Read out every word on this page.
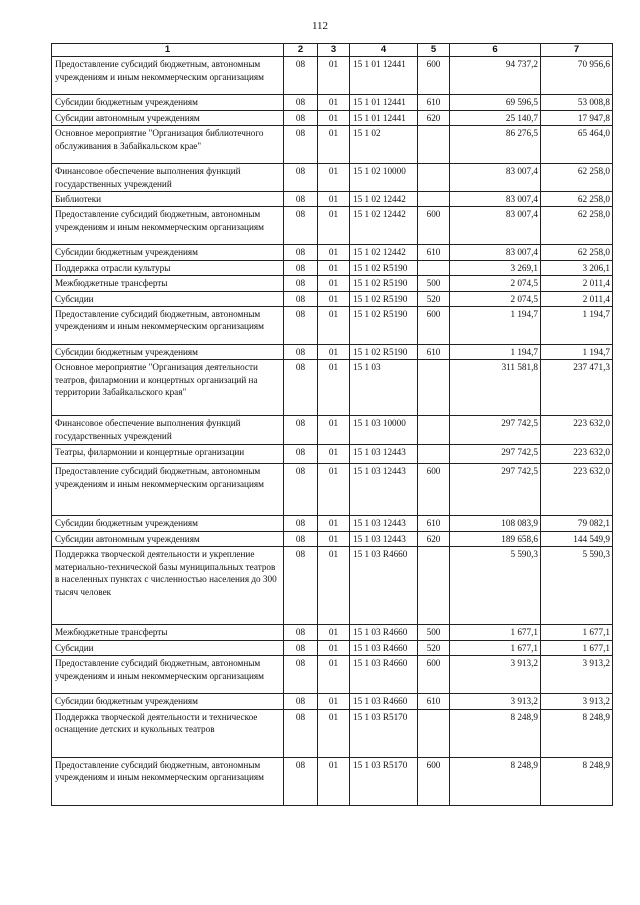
112
1	2	3	4	5	6	7
Предоставление субсидий бюджетным, автономным учреждениям и иным некоммерческим организациям	08	01	15 1 01 12441	600	94 737,2	70 956,6
Субсидии бюджетным учреждениям	08	01	15 1 01 12441	610	69 596,5	53 008,8
Субсидии автономным учреждениям	08	01	15 1 01 12441	620	25 140,7	17 947,8
Основное мероприятие "Организация библиотечного обслуживания в Забайкальском крае"	08	01	15 1 02		86 276,5	65 464,0
Финансовое обеспечение выполнения функций государственных учреждений	08	01	15 1 02 10000		83 007,4	62 258,0
Библиотеки	08	01	15 1 02 12442		83 007,4	62 258,0
Предоставление субсидий бюджетным, автономным учреждениям и иным некоммерческим организациям	08	01	15 1 02 12442	600	83 007,4	62 258,0
Субсидии бюджетным учреждениям	08	01	15 1 02 12442	610	83 007,4	62 258,0
Поддержка отрасли культуры	08	01	15 1 02 R5190		3 269,1	3 206,1
Межбюджетные трансферты	08	01	15 1 02 R5190	500	2 074,5	2 011,4
Субсидии	08	01	15 1 02 R5190	520	2 074,5	2 011,4
Предоставление субсидий бюджетным, автономным учреждениям и иным некоммерческим организациям	08	01	15 1 02 R5190	600	1 194,7	1 194,7
Субсидии бюджетным учреждениям	08	01	15 1 02 R5190	610	1 194,7	1 194,7
Основное мероприятие "Организация деятельности театров, филармонии и концертных организаций на территории Забайкальского края"	08	01	15 1 03		311 581,8	237 471,3
Финансовое обеспечение выполнения функций государственных учреждений	08	01	15 1 03 10000		297 742,5	223 632,0
Театры, филармонии и концертные организации	08	01	15 1 03 12443		297 742,5	223 632,0
Предоставление субсидий бюджетным, автономным учреждениям и иным некоммерческим организациям	08	01	15 1 03 12443	600	297 742,5	223 632,0
Субсидии бюджетным учреждениям	08	01	15 1 03 12443	610	108 083,9	79 082,1
Субсидии автономным учреждениям	08	01	15 1 03 12443	620	189 658,6	144 549,9
Поддержка творческой деятельности и укрепление материально-технической базы муниципальных театров в населенных пунктах с численностью населения до 300 тысяч человек	08	01	15 1 03 R4660		5 590,3	5 590,3
Межбюджетные трансферты	08	01	15 1 03 R4660	500	1 677,1	1 677,1
Субсидии	08	01	15 1 03 R4660	520	1 677,1	1 677,1
Предоставление субсидий бюджетным, автономным учреждениям и иным некоммерческим организациям	08	01	15 1 03 R4660	600	3 913,2	3 913,2
Субсидии бюджетным учреждениям	08	01	15 1 03 R4660	610	3 913,2	3 913,2
Поддержка творческой деятельности и техническое оснащение детских и кукольных театров	08	01	15 1 03 R5170		8 248,9	8 248,9
Предоставление субсидий бюджетным, автономным учреждениям и иным некоммерческим организациям	08	01	15 1 03 R5170	600	8 248,9	8 248,9
